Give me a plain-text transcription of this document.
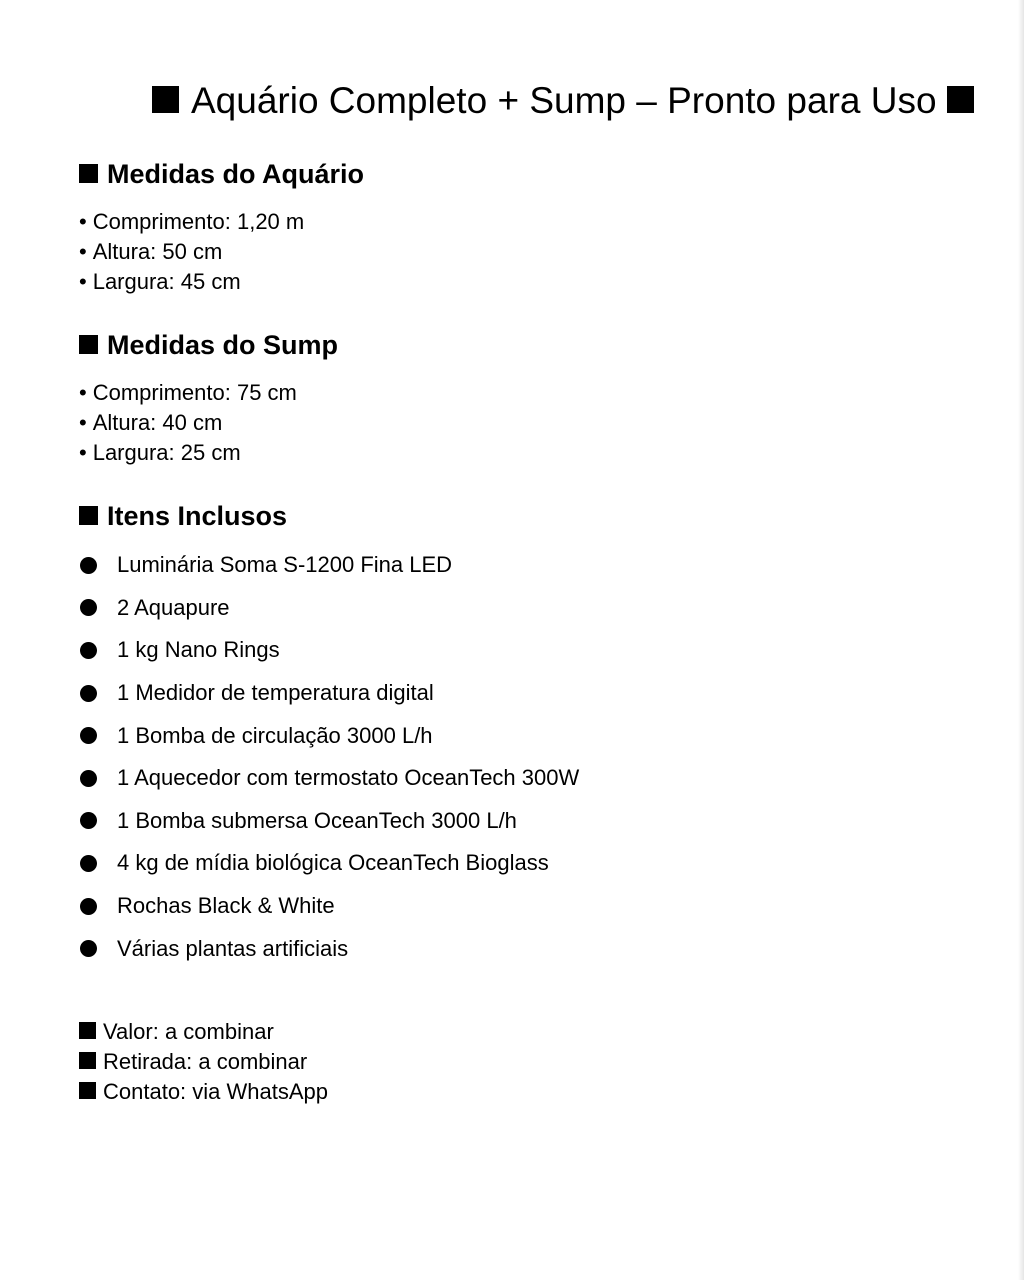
Aquário Completo + Sump – Pronto para Uso
Medidas do Aquário
• Comprimento: 1,20 m
• Altura: 50 cm
• Largura: 45 cm
Medidas do Sump
• Comprimento: 75 cm
• Altura: 40 cm
• Largura: 25 cm
Itens Inclusos
Luminária Soma S-1200 Fina LED
2 Aquapure
1 kg Nano Rings
1 Medidor de temperatura digital
1 Bomba de circulação 3000 L/h
1 Aquecedor com termostato OceanTech 300W
1 Bomba submersa OceanTech 3000 L/h
4 kg de mídia biológica OceanTech Bioglass
Rochas Black & White
Várias plantas artificiais
Valor: a combinar
Retirada: a combinar
Contato: via WhatsApp
